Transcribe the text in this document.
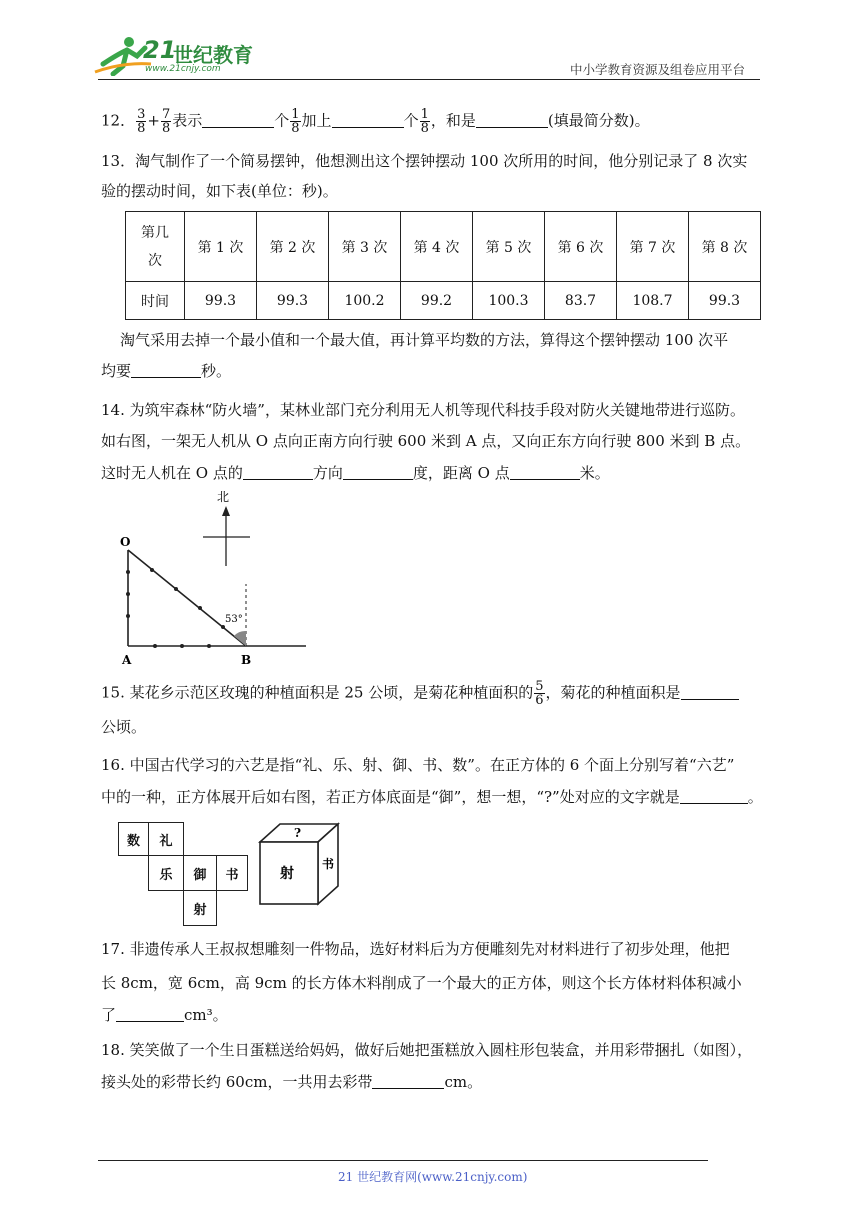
21
世纪教育
www.21cnjy.com	中小学教育资源及组卷应用平台
12． $\frac{3}{8} + \frac{7}{8}$ 表示	个 $\frac{1}{8}$ 加上	个 $\frac{1}{8}$ ，和是	(填最简分数)。
13．淘气制作了一个简易摆钟，他想测出这个摆钟摆动 100 次所用的时间，他分别记录了 8 次实
验的摆动时间，如下表(单位：秒)。
第几
次	第 1 次	第 2 次	第 3 次	第 4 次	第 5 次	第 6 次	第 7 次	第 8 次
时间	99.3	99.3	100.2	99.2	100.3	83.7	108.7	99.3
淘气采用去掉一个最小值和一个最大值，再计算平均数的方法，算得这个摆钟摆动 100 次平
均要	秒。
14. 为筑牢森林“防火墙”，某林业部门充分利用无人机等现代科技手段对防火关键地带进行巡防。
如右图，一架无人机从 O 点向正南方向行驶 600 米到 A 点，又向正东方向行驶 800 米到 B 点。
这时无人机在 O 点的	方向	度，距离 O 点	米。
北
53°
O
A	B
15. 某花乡示范区玫瑰的种植面积是 25 公顷，是菊花种植面积的 $\frac{5}{6}$ ，菊花的种植面积是
公顷。
16. 中国古代学习的六艺是指“礼、乐、射、御、书、数”。在正方体的 6 个面上分别写着“六艺”
中的一种，正方体展开后如右图，若正方体底面是“御”，想一想，“?”处对应的文字就是	。
数	礼
乐	御	书
射
?
射
书
17. 非遗传承人王叔叔想雕刻一件物品，选好材料后为方便雕刻先对材料进行了初步处理，他把
长 8cm，宽 6cm，高 9cm 的长方体木料削成了一个最大的正方体，则这个长方体材料体积减小
了	cm³。
18. 笑笑做了一个生日蛋糕送给妈妈，做好后她把蛋糕放入圆柱形包装盒，并用彩带捆扎（如图），
接头处的彩带长约 60cm，一共用去彩带	cm。
21 世纪教育网(www.21cnjy.com)
